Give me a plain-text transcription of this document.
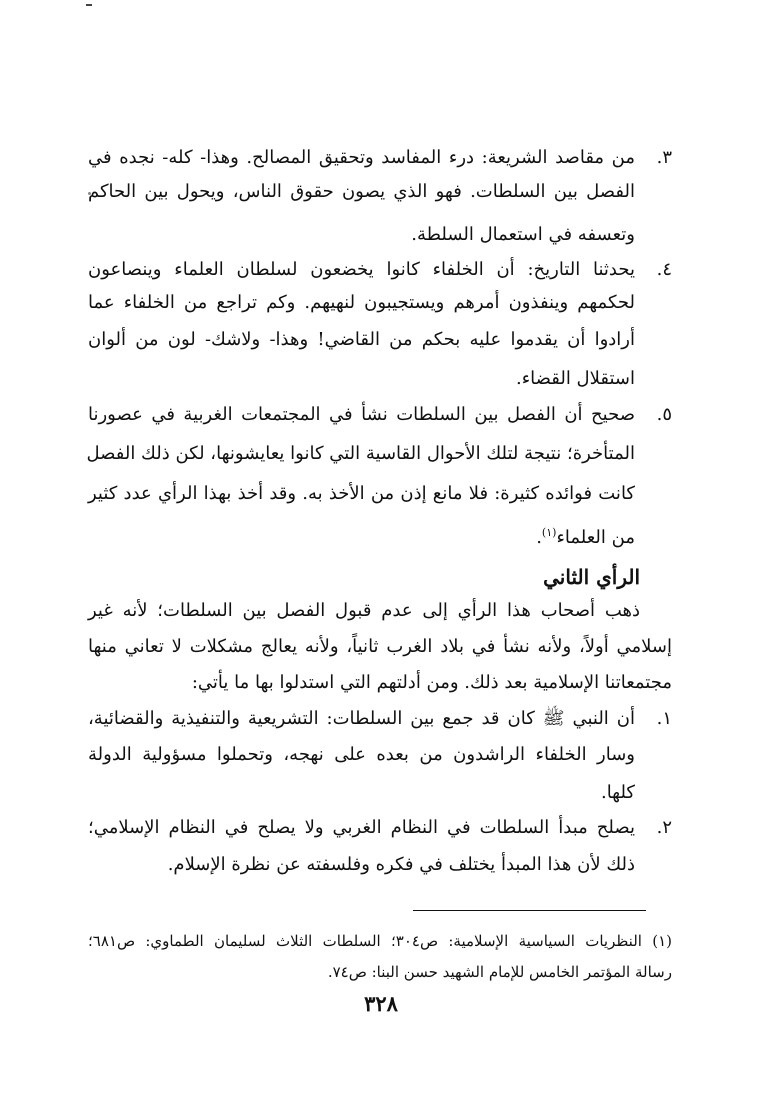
٣.
من مقاصد الشريعة: درء المفاسد وتحقيق المصالح. وهذا- كله- نجده في
الفصل بين السلطات. فهو الذي يصون حقوق الناس، ويحول بين الحاكم
وتعسفه في استعمال السلطة.
٤.
يحدثنا التاريخ: أن الخلفاء كانوا يخضعون لسلطان العلماء وينصاعون
لحكمهم وينفذون أمرهم ويستجيبون لنهيهم. وكم تراجع من الخلفاء عما
أرادوا أن يقدموا عليه بحكم من القاضي! وهذا- ولاشك- لون من ألوان
استقلال القضاء.
٥.
صحيح أن الفصل بين السلطات نشأ في المجتمعات الغربية في عصورنا
المتأخرة؛ نتيجة لتلك الأحوال القاسية التي كانوا يعايشونها، لكن ذلك الفصل
كانت فوائده كثيرة: فلا مانع إذن من الأخذ به. وقد أخذ بهذا الرأي عدد كثير
من العلماء$^{(١)}$.
الرأي الثاني
ذهب أصحاب هذا الرأي إلى عدم قبول الفصل بين السلطات؛ لأنه غير
إسلامي أولاً، ولأنه نشأ في بلاد الغرب ثانياً، ولأنه يعالج مشكلات لا تعاني منها
مجتمعاتنا الإسلامية بعد ذلك. ومن أدلتهم التي استدلوا بها ما يأتي:
١.
أن النبي ﷺ كان قد جمع بين السلطات: التشريعية والتنفيذية والقضائية،
وسار الخلفاء الراشدون من بعده على نهجه، وتحملوا مسؤولية الدولة
كلها.
٢.
يصلح مبدأ السلطات في النظام الغربي ولا يصلح في النظام الإسلامي؛
ذلك لأن هذا المبدأ يختلف في فكره وفلسفته عن نظرة الإسلام.
(١) النظريات السياسية الإسلامية: ص٣٠٤؛ السلطات الثلاث لسليمان الطماوي: ص٦٨١؛
رسالة المؤتمر الخامس للإمام الشهيد حسن البنا: ص٧٤.
٣٢٨
